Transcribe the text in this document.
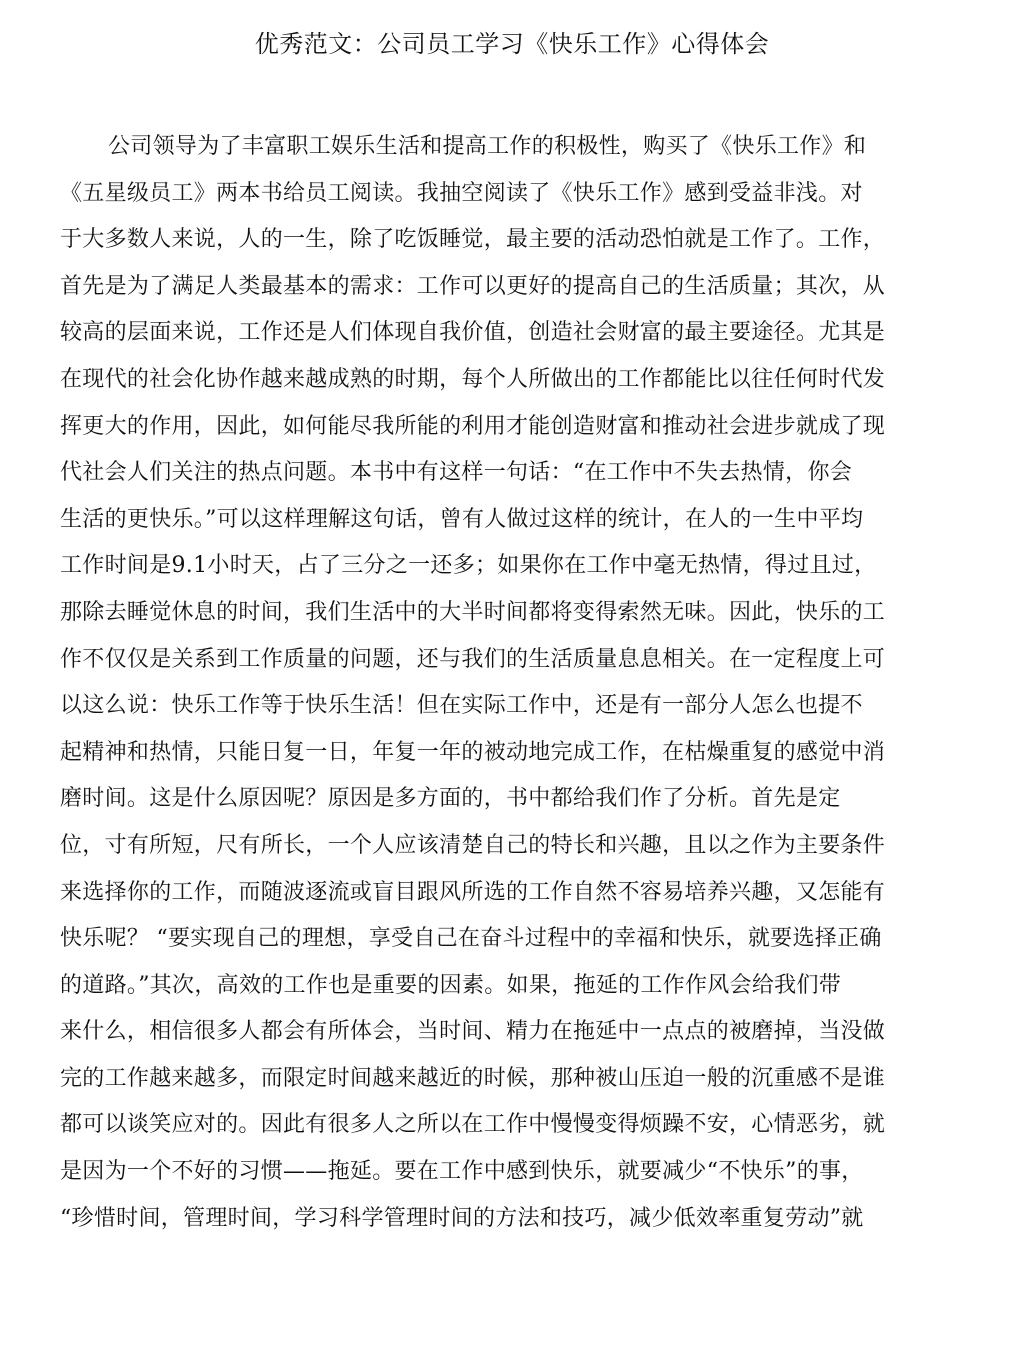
优秀范文：公司员工学习《快乐工作》心得体会
公司领导为了丰富职工娱乐生活和提高工作的积极性，购买了《快乐工作》和
《五星级员工》两本书给员工阅读。我抽空阅读了《快乐工作》感到受益非浅。对
于大多数人来说，人的一生，除了吃饭睡觉，最主要的活动恐怕就是工作了。工作，
首先是为了满足人类最基本的需求：工作可以更好的提高自己的生活质量；其次，从
较高的层面来说，工作还是人们体现自我价值，创造社会财富的最主要途径。尤其是
在现代的社会化协作越来越成熟的时期，每个人所做出的工作都能比以往任何时代发
挥更大的作用，因此，如何能尽我所能的利用才能创造财富和推动社会进步就成了现
代社会人们关注的热点问题。本书中有这样一句话：“在工作中不失去热情，你会
生活的更快乐。”可以这样理解这句话，曾有人做过这样的统计，在人的一生中平均
工作时间是9.1小时天，占了三分之一还多；如果你在工作中毫无热情，得过且过，
那除去睡觉休息的时间，我们生活中的大半时间都将变得索然无味。因此，快乐的工
作不仅仅是关系到工作质量的问题，还与我们的生活质量息息相关。在一定程度上可
以这么说：快乐工作等于快乐生活！但在实际工作中，还是有一部分人怎么也提不
起精神和热情，只能日复一日，年复一年的被动地完成工作，在枯燥重复的感觉中消
磨时间。这是什么原因呢？原因是多方面的，书中都给我们作了分析。首先是定
位，寸有所短，尺有所长，一个人应该清楚自己的特长和兴趣，且以之作为主要条件
来选择你的工作，而随波逐流或盲目跟风所选的工作自然不容易培养兴趣，又怎能有
快乐呢？ “要实现自己的理想，享受自己在奋斗过程中的幸福和快乐，就要选择正确
的道路。”其次，高效的工作也是重要的因素。如果，拖延的工作作风会给我们带
来什么，相信很多人都会有所体会，当时间、精力在拖延中一点点的被磨掉，当没做
完的工作越来越多，而限定时间越来越近的时候，那种被山压迫一般的沉重感不是谁
都可以谈笑应对的。因此有很多人之所以在工作中慢慢变得烦躁不安，心情恶劣，就
是因为一个不好的习惯——拖延。要在工作中感到快乐，就要减少“不快乐”的事，
“珍惜时间，管理时间，学习科学管理时间的方法和技巧，减少低效率重复劳动”就
